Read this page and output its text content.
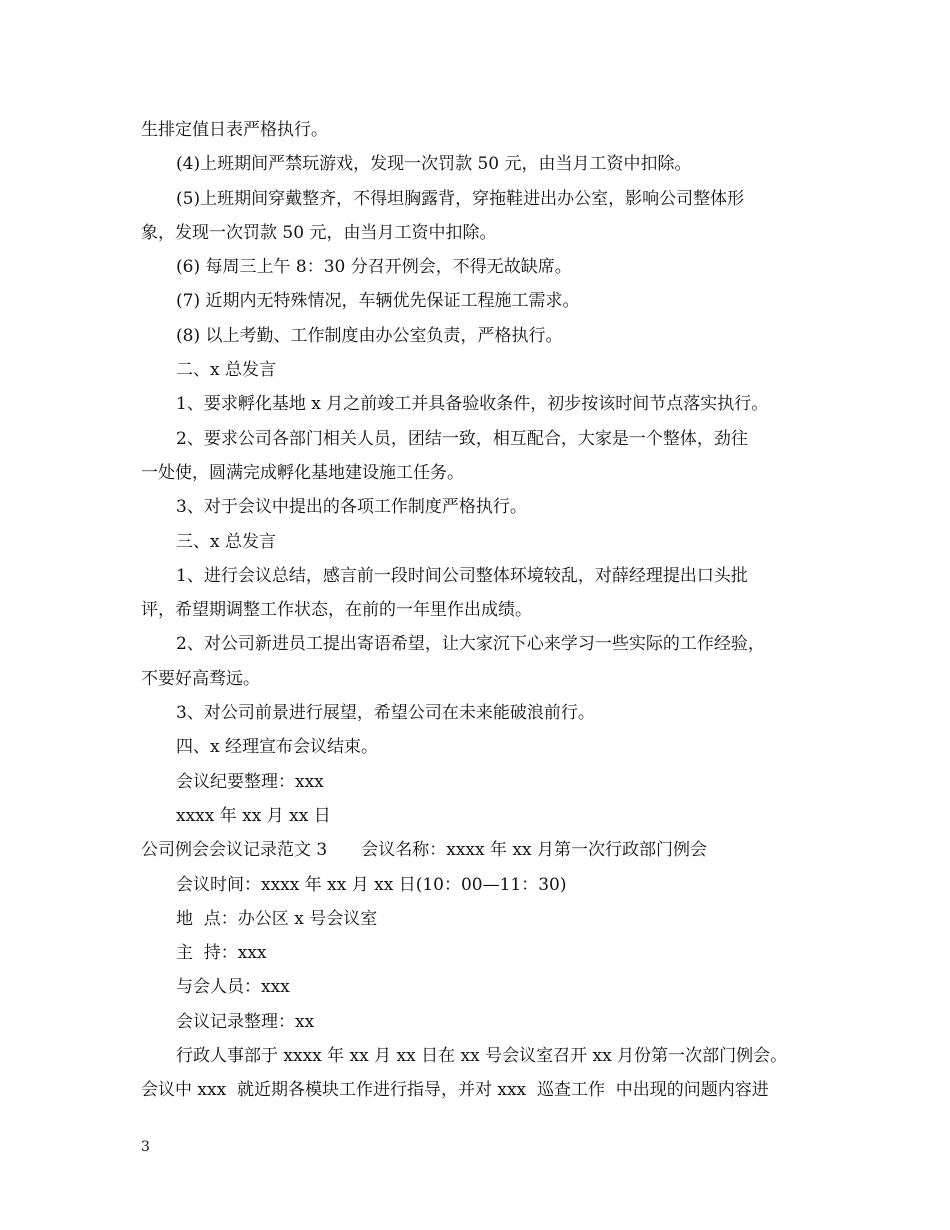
生排定值日表严格执行。
(4)上班期间严禁玩游戏，发现一次罚款 50 元，由当月工资中扣除。
(5)上班期间穿戴整齐，不得坦胸露背，穿拖鞋进出办公室，影响公司整体形
象，发现一次罚款 50 元，由当月工资中扣除。
(6) 每周三上午 8：30 分召开例会，不得无故缺席。
(7) 近期内无特殊情况，车辆优先保证工程施工需求。
(8) 以上考勤、工作制度由办公室负责，严格执行。
二、x 总发言
1、要求孵化基地 x 月之前竣工并具备验收条件，初步按该时间节点落实执行。
2、要求公司各部门相关人员，团结一致，相互配合，大家是一个整体，劲往
一处使，圆满完成孵化基地建设施工任务。
3、对于会议中提出的各项工作制度严格执行。
三、x 总发言
1、进行会议总结，感言前一段时间公司整体环境较乱，对薛经理提出口头批
评，希望期调整工作状态，在前的一年里作出成绩。
2、对公司新进员工提出寄语希望，让大家沉下心来学习一些实际的工作经验，
不要好高骛远。
3、对公司前景进行展望，希望公司在未来能破浪前行。
四、x 经理宣布会议结束。
会议纪要整理：xxx
xxxx 年 xx 月 xx 日
公司例会会议记录范文 3 会议名称：xxxx 年 xx 月第一次行政部门例会
会议时间：xxxx 年 xx 月 xx 日(10：00—11：30)
地  点：办公区 x 号会议室
主  持：xxx
与会人员：xxx
会议记录整理：xx
行政人事部于 xxxx 年 xx 月 xx 日在 xx 号会议室召开 xx 月份第一次部门例会。
会议中 xxx  就近期各模块工作进行指导，并对 xxx  巡查工作  中出现的问题内容进
3
